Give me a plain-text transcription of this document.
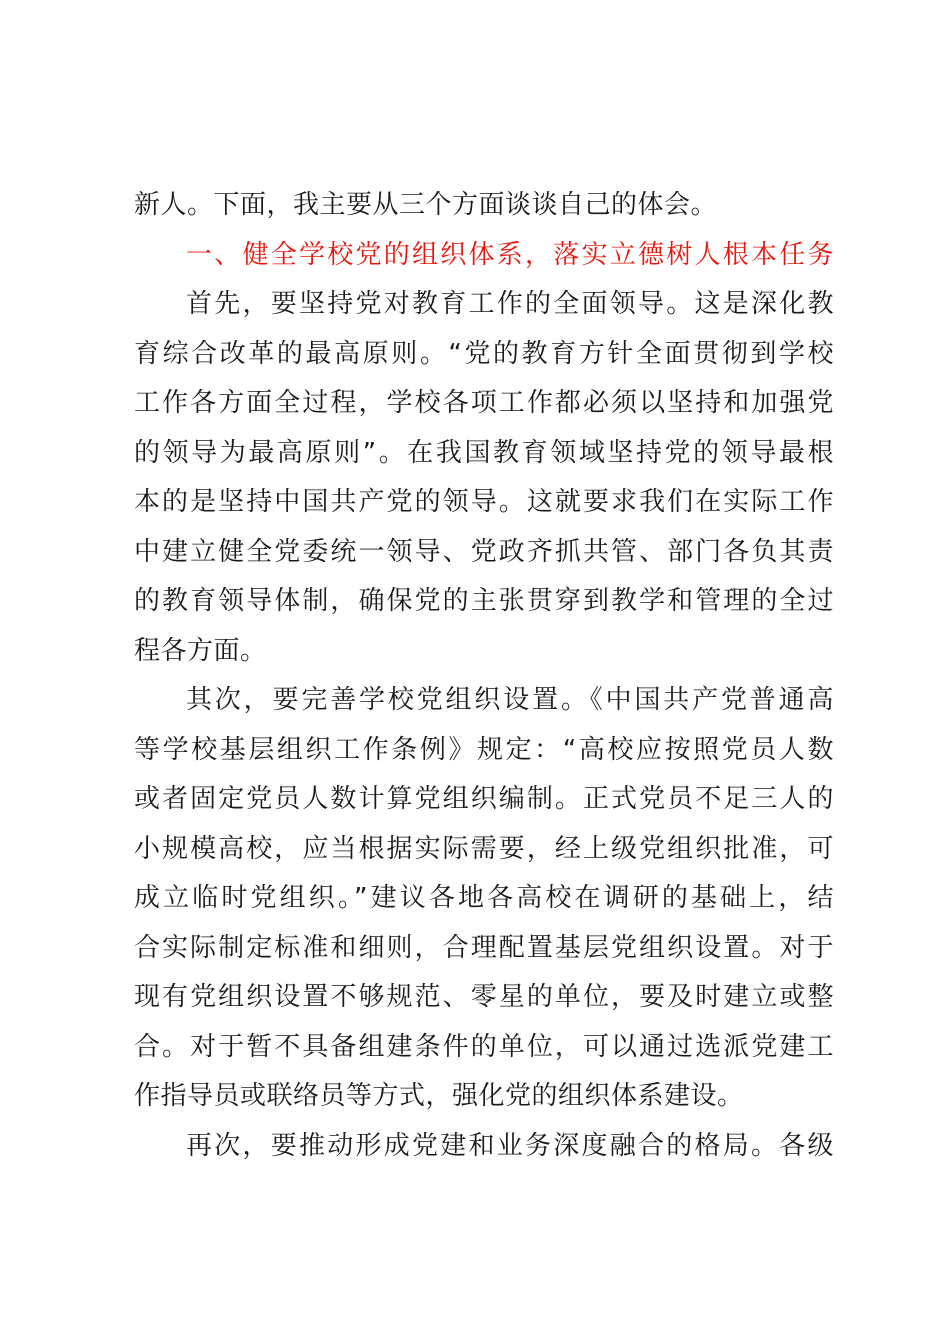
新人。下面，我主要从三个方面谈谈自己的体会。
一、健全学校党的组织体系，落实立德树人根本任务
首先，要坚持党对教育工作的全面领导。这是深化教
育综合改革的最高原则。“党的教育方针全面贯彻到学校
工作各方面全过程，学校各项工作都必须以坚持和加强党
的领导为最高原则”。在我国教育领域坚持党的领导最根
本的是坚持中国共产党的领导。这就要求我们在实际工作
中建立健全党委统一领导、党政齐抓共管、部门各负其责
的教育领导体制，确保党的主张贯穿到教学和管理的全过
程各方面。
其次，要完善学校党组织设置。《中国共产党普通高
等学校基层组织工作条例》规定：“高校应按照党员人数
或者固定党员人数计算党组织编制。正式党员不足三人的
小规模高校，应当根据实际需要，经上级党组织批准，可
成立临时党组织。”建议各地各高校在调研的基础上，结
合实际制定标准和细则，合理配置基层党组织设置。对于
现有党组织设置不够规范、零星的单位，要及时建立或整
合。对于暂不具备组建条件的单位，可以通过选派党建工
作指导员或联络员等方式，强化党的组织体系建设。
再次，要推动形成党建和业务深度融合的格局。各级
